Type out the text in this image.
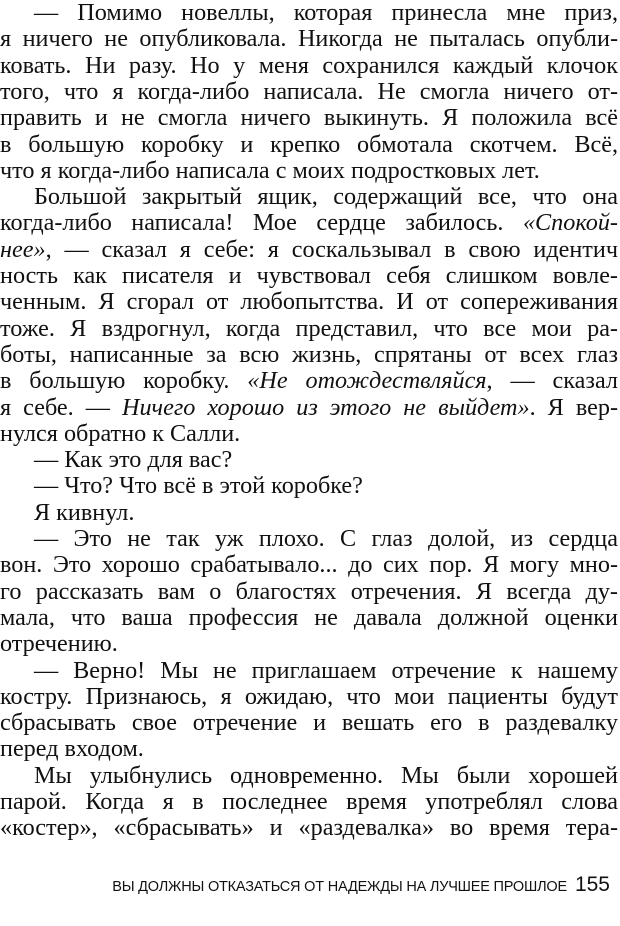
— Помимо новеллы, которая принесла мне приз,
я ничего не опубликовала. Никогда не пыталась опубли-
ковать. Ни разу. Но у меня сохранился каждый клочок
того, что я когда-либо написала. Не смогла ничего от-
править и не смогла ничего выкинуть. Я положила всё
в большую коробку и крепко обмотала скотчем. Всё,
что я когда-либо написала с моих подростковых лет.
Большой закрытый ящик, содержащий все, что она
когда-либо написала! Мое сердце забилось. «Спокой-
нее», — сказал я себе: я соскальзывал в свою идентич
ность как писателя и чувствовал себя слишком вовле-
ченным. Я сгорал от любопытства. И от сопереживания
тоже. Я вздрогнул, когда представил, что все мои ра-
боты, написанные за всю жизнь, спрятаны от всех глаз
в большую коробку. «Не отождествляйся, — сказал
я себе. — Ничего хорошо из этого не выйдет». Я вер-
нулся обратно к Салли.
— Как это для вас?
— Что? Что всё в этой коробке?
Я кивнул.
— Это не так уж плохо. С глаз долой, из сердца
вон. Это хорошо срабатывало... до сих пор. Я могу мно-
го рассказать вам о благостях отречения. Я всегда ду-
мала, что ваша профессия не давала должной оценки
отречению.
— Верно! Мы не приглашаем отречение к нашему
костру. Признаюсь, я ожидаю, что мои пациенты будут
сбрасывать свое отречение и вешать его в раздевалку
перед входом.
Мы улыбнулись одновременно. Мы были хорошей
парой. Когда я в последнее время употреблял слова
«костер», «сбрасывать» и «раздевалка» во время тера-
ВЫ ДОЛЖНЫ ОТКАЗАТЬСЯ ОТ НАДЕЖДЫ НА ЛУЧШЕЕ ПРОШЛОЕ 155
